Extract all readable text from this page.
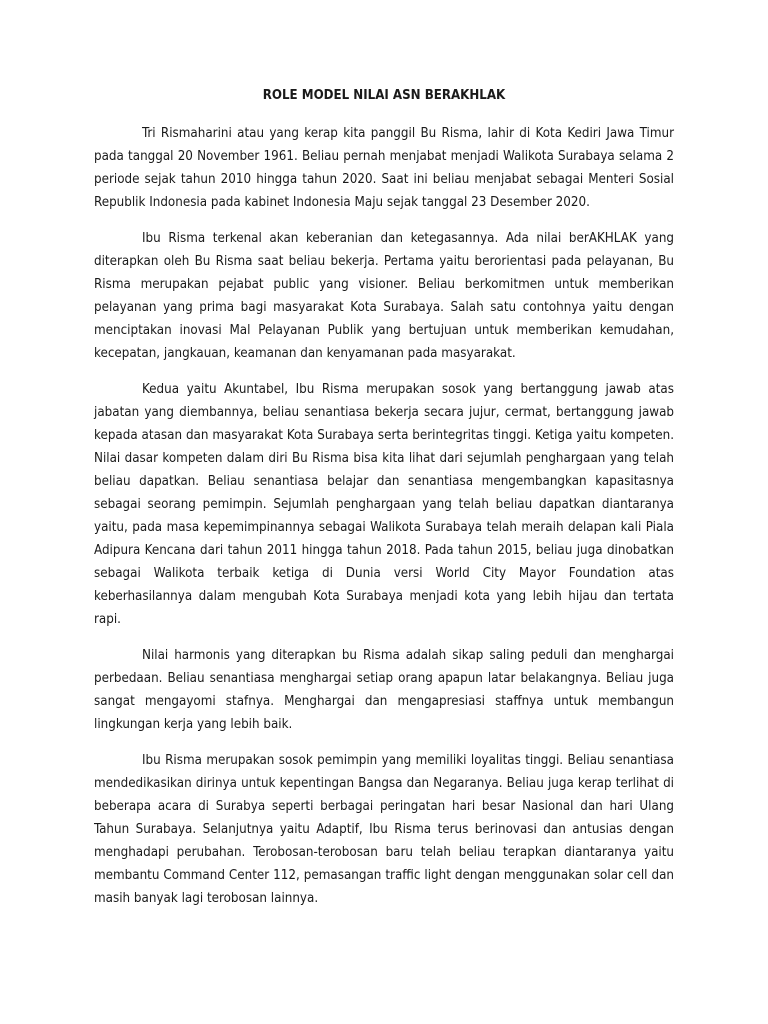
ROLE MODEL NILAI ASN BERAKHLAK

Tri Rismaharini atau yang kerap kita panggil Bu Risma, lahir di Kota Kediri Jawa Timur pada tanggal 20 November 1961. Beliau pernah menjabat menjadi Walikota Surabaya selama 2 periode sejak tahun 2010 hingga tahun 2020. Saat ini beliau menjabat sebagai Menteri Sosial Republik Indonesia pada kabinet Indonesia Maju sejak tanggal 23 Desember 2020.

Ibu Risma terkenal akan keberanian dan ketegasannya. Ada nilai berAKHLAK yang diterapkan oleh Bu Risma saat beliau bekerja. Pertama yaitu berorientasi pada pelayanan, Bu Risma merupakan pejabat public yang visioner. Beliau berkomitmen untuk memberikan pelayanan yang prima bagi masyarakat Kota Surabaya. Salah satu contohnya yaitu dengan menciptakan inovasi Mal Pelayanan Publik yang bertujuan untuk memberikan kemudahan, kecepatan, jangkauan, keamanan dan kenyamanan pada masyarakat.

Kedua yaitu Akuntabel, Ibu Risma merupakan sosok yang bertanggung jawab atas jabatan yang diembannya, beliau senantiasa bekerja secara jujur, cermat, bertanggung jawab kepada atasan dan masyarakat Kota Surabaya serta berintegritas tinggi. Ketiga yaitu kompeten. Nilai dasar kompeten dalam diri Bu Risma bisa kita lihat dari sejumlah penghargaan yang telah beliau dapatkan. Beliau senantiasa belajar dan senantiasa mengembangkan kapasitasnya sebagai seorang pemimpin. Sejumlah penghargaan yang telah beliau dapatkan diantaranya yaitu, pada masa kepemimpinannya sebagai Walikota Surabaya telah meraih delapan kali Piala Adipura Kencana dari tahun 2011 hingga tahun 2018. Pada tahun 2015, beliau juga dinobatkan sebagai Walikota terbaik ketiga di Dunia versi World City Mayor Foundation atas keberhasilannya dalam mengubah Kota Surabaya menjadi kota yang lebih hijau dan tertata rapi.

Nilai harmonis yang diterapkan bu Risma adalah sikap saling peduli dan menghargai perbedaan. Beliau senantiasa menghargai setiap orang apapun latar belakangnya. Beliau juga sangat mengayomi stafnya. Menghargai dan mengapresiasi staffnya untuk membangun lingkungan kerja yang lebih baik.

Ibu Risma merupakan sosok pemimpin yang memiliki loyalitas tinggi. Beliau senantiasa mendedikasikan dirinya untuk kepentingan Bangsa dan Negaranya. Beliau juga kerap terlihat di beberapa acara di Surabya seperti berbagai peringatan hari besar Nasional dan hari Ulang Tahun Surabaya. Selanjutnya yaitu Adaptif, Ibu Risma terus berinovasi dan antusias dengan menghadapi perubahan. Terobosan-terobosan baru telah beliau terapkan diantaranya yaitu membantu Command Center 112, pemasangan traffic light dengan menggunakan solar cell dan masih banyak lagi terobosan lainnya.
